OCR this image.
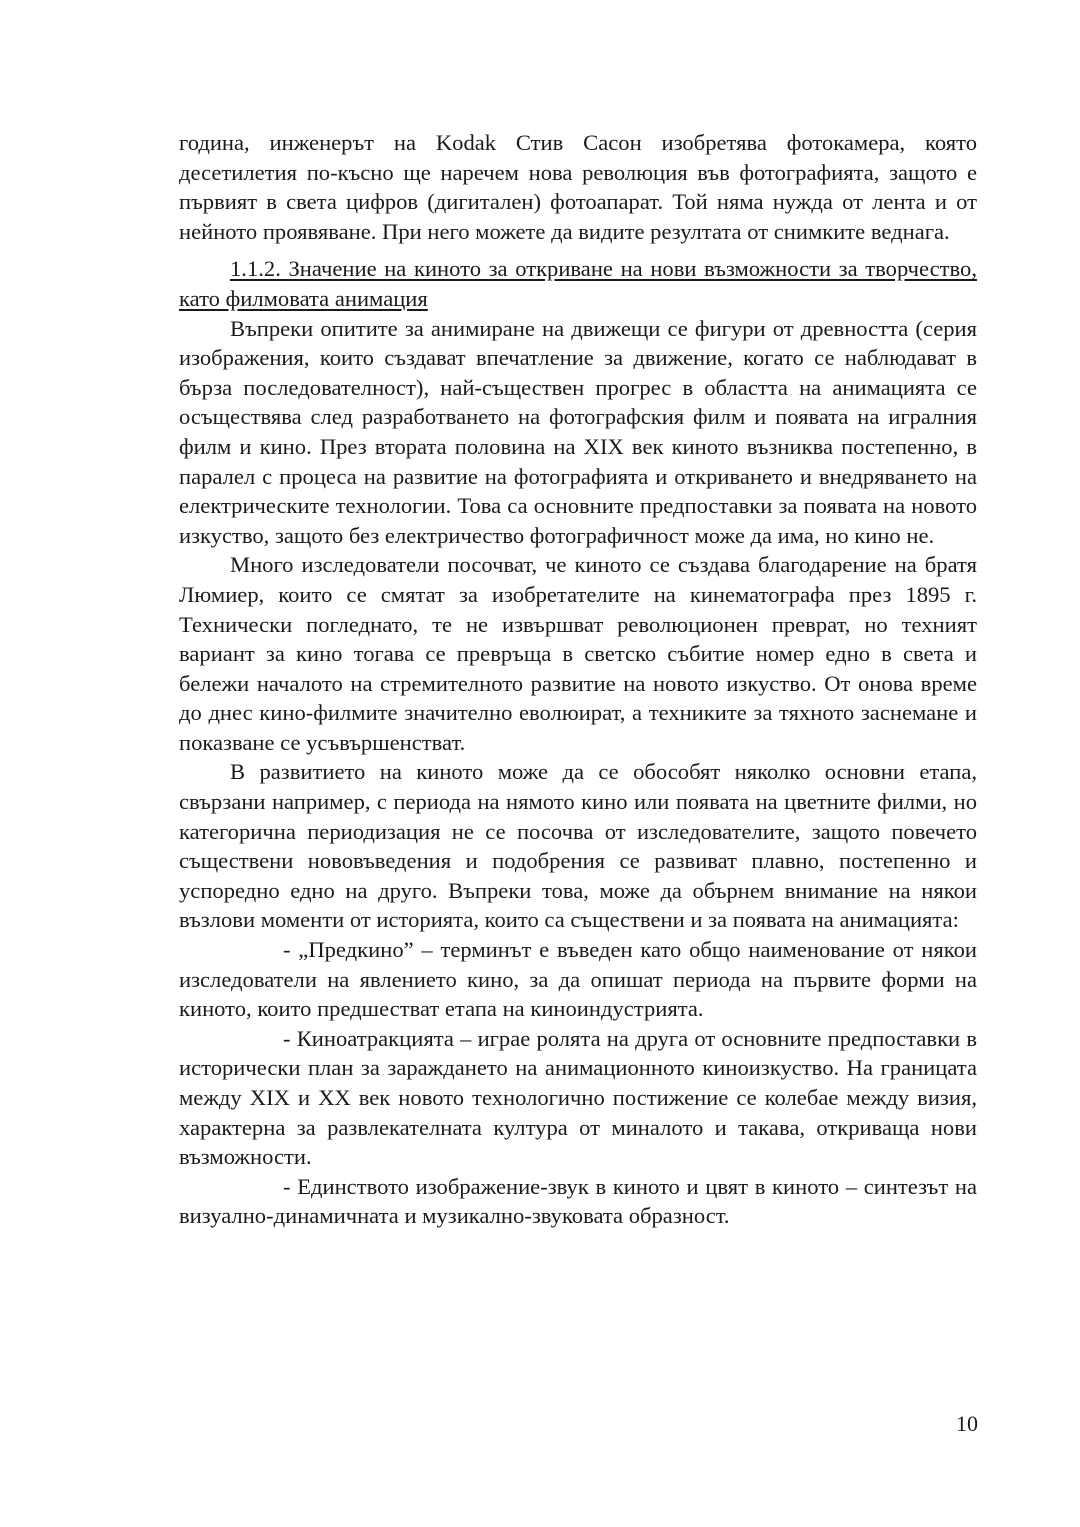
година, инженерът на Kodak Стив Сасон изобретява фотокамера, която десетилетия по-късно ще наречем нова революция във фотографията, защото е първият в света цифров (дигитален) фотоапарат. Той няма нужда от лента и от нейното проявяване. При него можете да видите резултата от снимките веднага.

1.1.2. Значение на киното за откриване на нови възможности за творчество, като филмовата анимация

Въпреки опитите за анимиране на движещи се фигури от древността (серия изображения, които създават впечатление за движение, когато се наблюдават в бърза последователност), най-съществен прогрес в областта на анимацията се осъществява след разработването на фотографския филм и появата на игралния филм и кино. През втората половина на XIX век киното възниква постепенно, в паралел с процеса на развитие на фотографията и откриването и внедряването на електрическите технологии. Това са основните предпоставки за появата на новото изкуство, защото без електричество фотографичност може да има, но кино не.

Много изследователи посочват, че киното се създава благодарение на братя Люмиер, които се смятат за изобретателите на кинематографа през 1895 г. Технически погледнато, те не извършват революционен преврат, но техният вариант за кино тогава се превръща в светско събитие номер едно в света и бележи началото на стремителното развитие на новото изкуство. От онова време до днес кино-филмите значително еволюират, а техниките за тяхното заснемане и показване се усъвършенстват.

В развитието на киното може да се обособят няколко основни етапа, свързани например, с периода на нямото кино или появата на цветните филми, но категорична периодизация не се посочва от изследователите, защото повечето съществени нововъведения и подобрения се развиват плавно, постепенно и успоредно едно на друго. Въпреки това, може да обърнем внимание на някои възлови моменти от историята, които са съществени и за появата на анимацията:

- „Предкино” – терминът е въведен като общо наименование от някои изследователи на явлението кино, за да опишат периода на първите форми на киното, които предшестват етапа на киноиндустрията.

- Киноатракцията – играе ролята на друга от основните предпоставки в исторически план за зараждането на анимационното киноизкуство. На границата между XIX и XX век новото технологично постижение се колебае между визия, характерна за развлекателната култура от миналото и такава, откриваща нови възможности.

- Единството изображение-звук в киното и цвят в киното – синтезът на визуално-динамичната и музикално-звуковата образност.

10
